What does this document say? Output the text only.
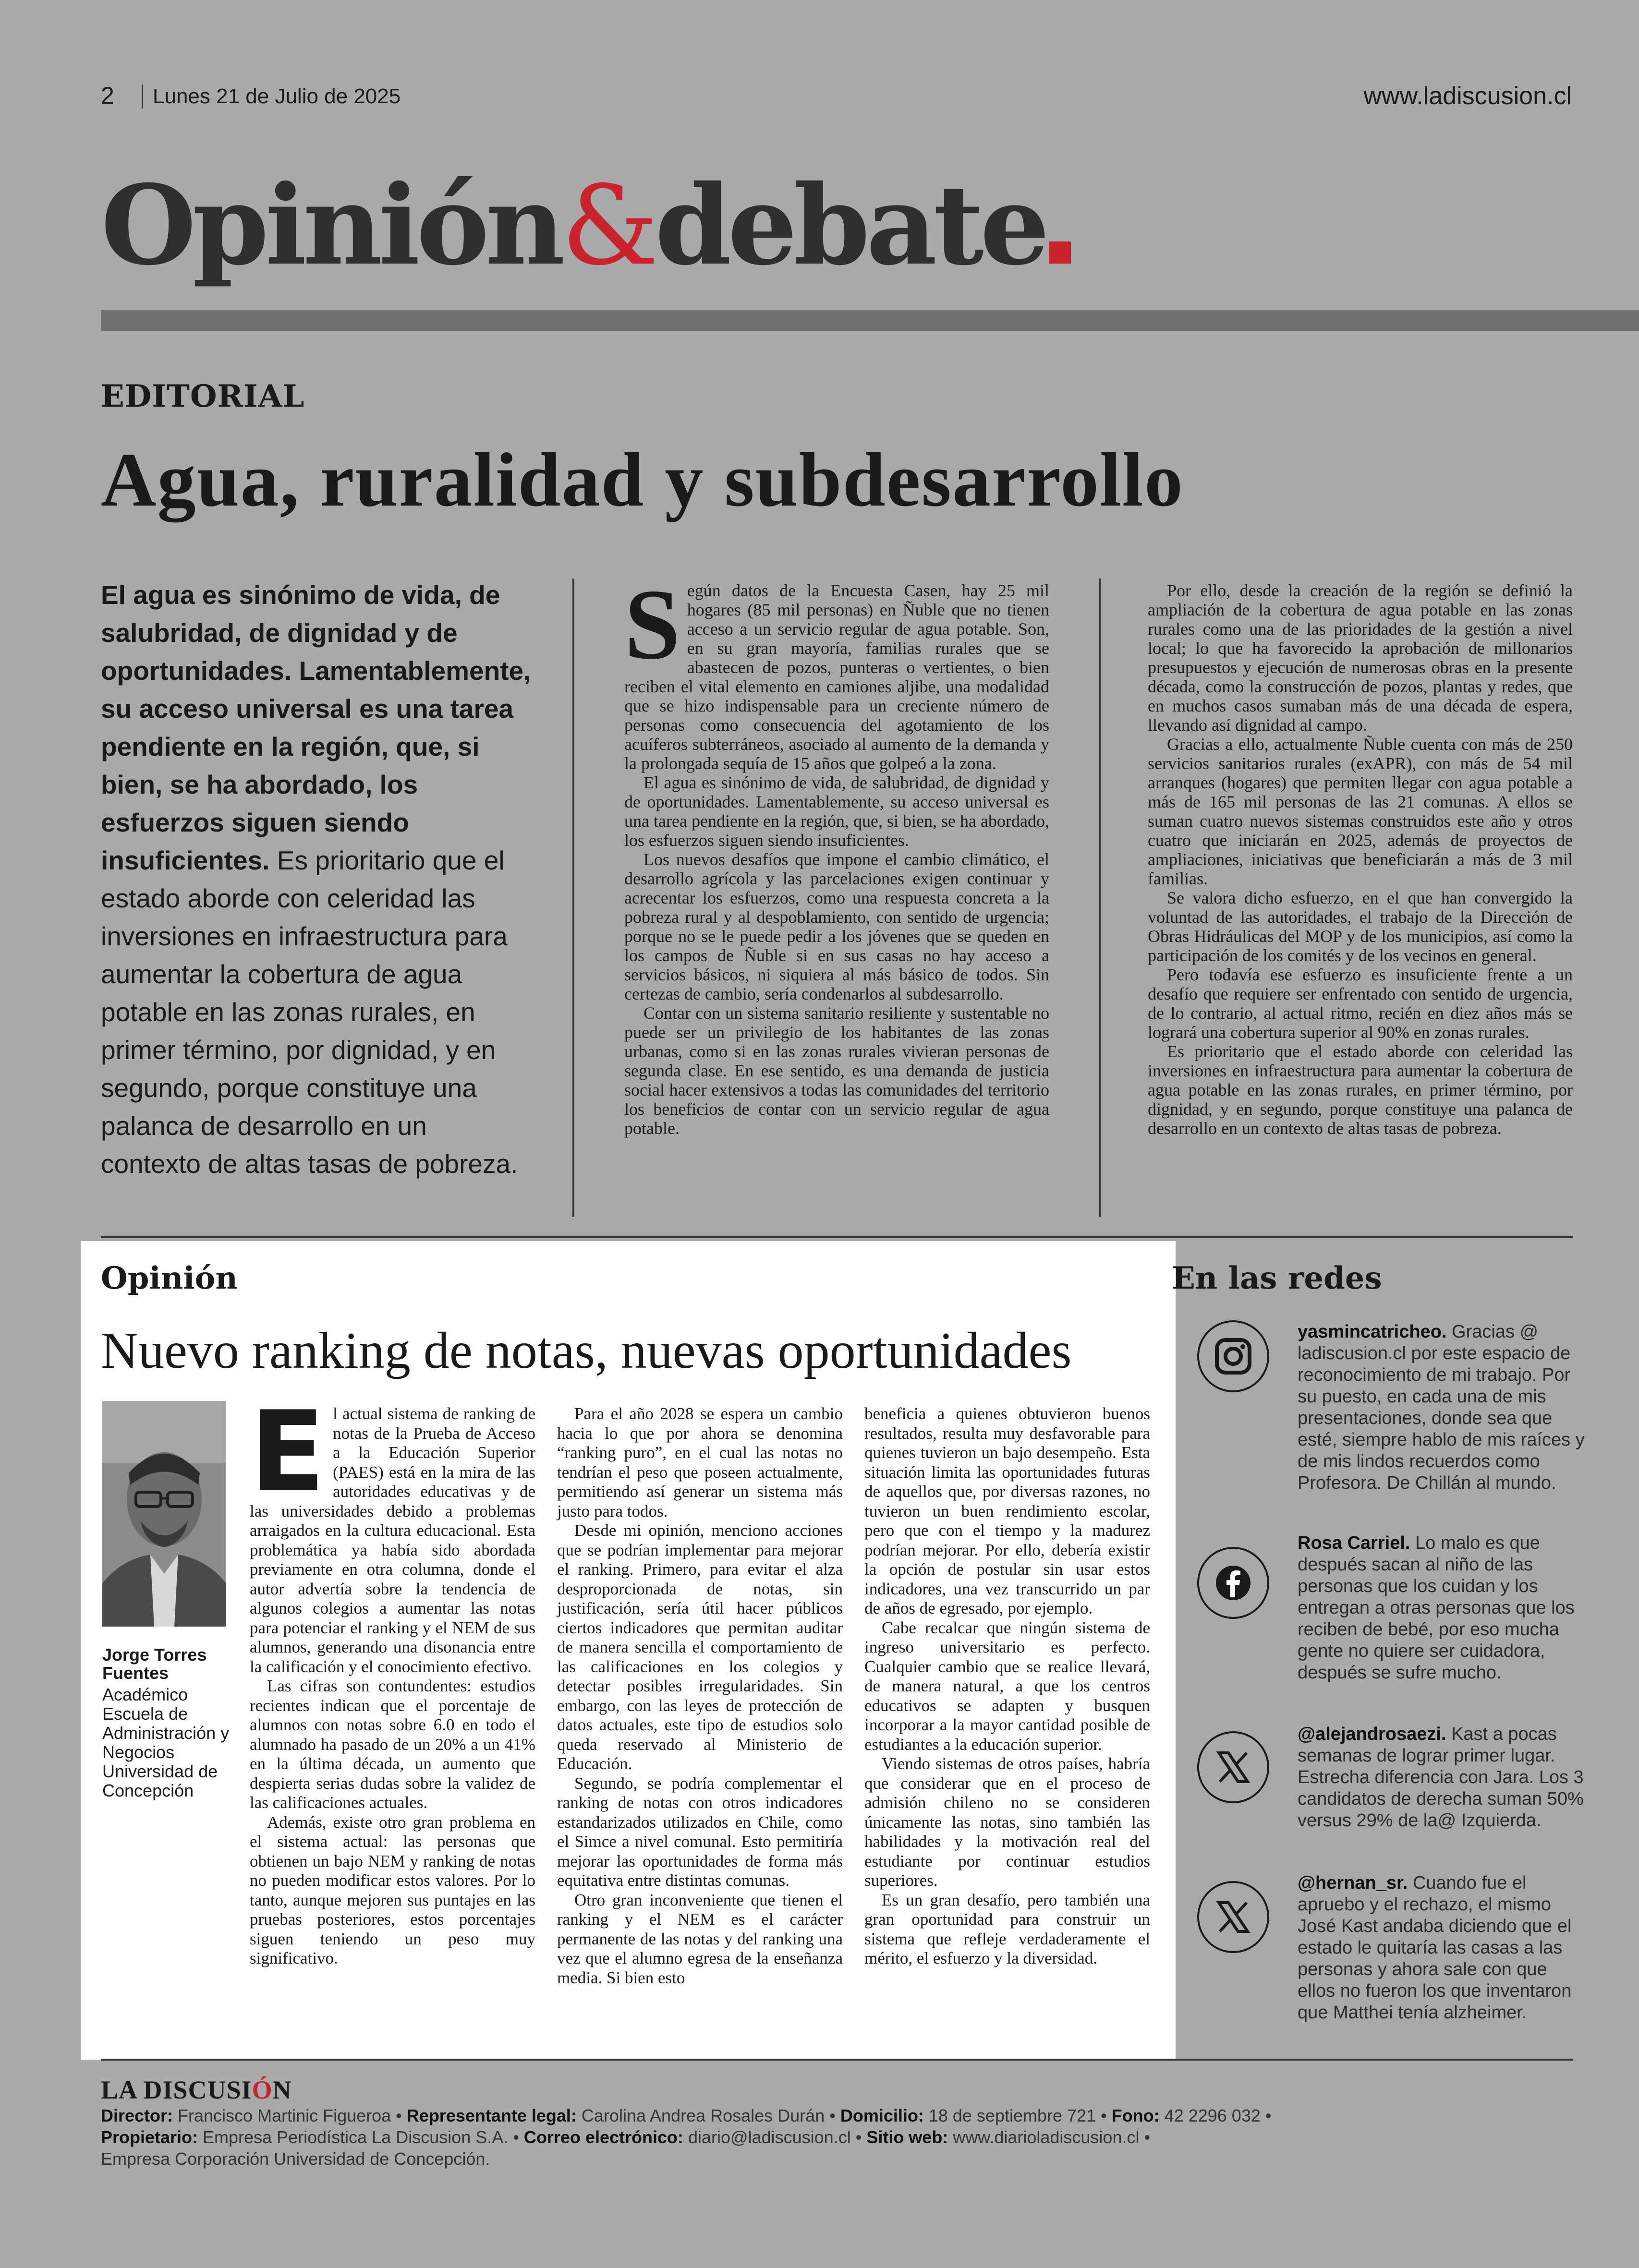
2 Lunes 21 de Julio de 2025	www.ladiscusion.cl
Opinión&debate
EDITORIAL
Agua, ruralidad y subdesarrollo
El agua es sinónimo de vida, de salubridad, de dignidad y de oportunidades. Lamentablemente, su acceso universal es una tarea pendiente en la región, que, si bien, se ha abordado, los esfuerzos siguen siendo insuficientes. Es prioritario que el estado aborde con celeridad las inversiones en infraestructura para aumentar la cobertura de agua potable en las zonas rurales, en primer término, por dignidad, y en segundo, porque constituye una palanca de desarrollo en un contexto de altas tasas de pobreza.

Según datos de la Encuesta Casen, hay 25 mil hogares (85 mil personas) en Ñuble que no tienen acceso a un servicio regular de agua potable. Son, en su gran mayoría, familias rurales que se abastecen de pozos, punteras o vertientes, o bien reciben el vital elemento en camiones aljibe, una modalidad que se hizo indispensable para un creciente número de personas como consecuencia del agotamiento de los acuíferos subterráneos, asociado al aumento de la demanda y la prolongada sequía de 15 años que golpeó a la zona.

El agua es sinónimo de vida, de salubridad, de dignidad y de oportunidades. Lamentablemente, su acceso universal es una tarea pendiente en la región, que, si bien, se ha abordado, los esfuerzos siguen siendo insuficientes.

Los nuevos desafíos que impone el cambio climático, el desarrollo agrícola y las parcelaciones exigen continuar y acrecentar los esfuerzos, como una respuesta concreta a la pobreza rural y al despoblamiento, con sentido de urgencia; porque no se le puede pedir a los jóvenes que se queden en los campos de Ñuble si en sus casas no hay acceso a servicios básicos, ni siquiera al más básico de todos. Sin certezas de cambio, sería condenarlos al subdesarrollo.

Contar con un sistema sanitario resiliente y sustentable no puede ser un privilegio de los habitantes de las zonas urbanas, como si en las zonas rurales vivieran personas de segunda clase. En ese sentido, es una demanda de justicia social hacer extensivos a todas las comunidades del territorio los beneficios de contar con un servicio regular de agua potable.

Por ello, desde la creación de la región se definió la ampliación de la cobertura de agua potable en las zonas rurales como una de las prioridades de la gestión a nivel local; lo que ha favorecido la aprobación de millonarios presupuestos y ejecución de numerosas obras en la presente década, como la construcción de pozos, plantas y redes, que en muchos casos sumaban más de una década de espera, llevando así dignidad al campo.

Gracias a ello, actualmente Ñuble cuenta con más de 250 servicios sanitarios rurales (exAPR), con más de 54 mil arranques (hogares) que permiten llegar con agua potable a más de 165 mil personas de las 21 comunas. A ellos se suman cuatro nuevos sistemas construidos este año y otros cuatro que iniciarán en 2025, además de proyectos de ampliaciones, iniciativas que beneficiarán a más de 3 mil familias.

Se valora dicho esfuerzo, en el que han convergido la voluntad de las autoridades, el trabajo de la Dirección de Obras Hidráulicas del MOP y de los municipios, así como la participación de los comités y de los vecinos en general.

Pero todavía ese esfuerzo es insuficiente frente a un desafío que requiere ser enfrentado con sentido de urgencia, de lo contrario, al actual ritmo, recién en diez años más se logrará una cobertura superior al 90% en zonas rurales.

Es prioritario que el estado aborde con celeridad las inversiones en infraestructura para aumentar la cobertura de agua potable en las zonas rurales, en primer término, por dignidad, y en segundo, porque constituye una palanca de desarrollo en un contexto de altas tasas de pobreza.

Opinión
Nuevo ranking de notas, nuevas oportunidades
Jorge Torres Fuentes
Académico Escuela de Administración y Negocios Universidad de Concepción

El actual sistema de ranking de notas de la Prueba de Acceso a la Educación Superior (PAES) está en la mira de las autoridades educativas y de las universidades debido a problemas arraigados en la cultura educacional. Esta problemática ya había sido abordada previamente en otra columna, donde el autor advertía sobre la tendencia de algunos colegios a aumentar las notas para potenciar el ranking y el NEM de sus alumnos, generando una disonancia entre la calificación y el conocimiento efectivo.

Las cifras son contundentes: estudios recientes indican que el porcentaje de alumnos con notas sobre 6.0 en todo el alumnado ha pasado de un 20% a un 41% en la última década, un aumento que despierta serias dudas sobre la validez de las calificaciones actuales.

Además, existe otro gran problema en el sistema actual: las personas que obtienen un bajo NEM y ranking de notas no pueden modificar estos valores. Por lo tanto, aunque mejoren sus puntajes en las pruebas posteriores, estos porcentajes siguen teniendo un peso muy significativo.

Para el año 2028 se espera un cambio hacia lo que por ahora se denomina “ranking puro”, en el cual las notas no tendrían el peso que poseen actualmente, permitiendo así generar un sistema más justo para todos.

Desde mi opinión, menciono acciones que se podrían implementar para mejorar el ranking. Primero, para evitar el alza desproporcionada de notas, sin justificación, sería útil hacer públicos ciertos indicadores que permitan auditar de manera sencilla el comportamiento de las calificaciones en los colegios y detectar posibles irregularidades. Sin embargo, con las leyes de protección de datos actuales, este tipo de estudios solo queda reservado al Ministerio de Educación.

Segundo, se podría complementar el ranking de notas con otros indicadores estandarizados utilizados en Chile, como el Simce a nivel comunal. Esto permitiría mejorar las oportunidades de forma más equitativa entre distintas comunas.

Otro gran inconveniente que tienen el ranking y el NEM es el carácter permanente de las notas y del ranking una vez que el alumno egresa de la enseñanza media. Si bien esto

beneficia a quienes obtuvieron buenos resultados, resulta muy desfavorable para quienes tuvieron un bajo desempeño. Esta situación limita las oportunidades futuras de aquellos que, por diversas razones, no tuvieron un buen rendimiento escolar, pero que con el tiempo y la madurez podrían mejorar. Por ello, debería existir la opción de postular sin usar estos indicadores, una vez transcurrido un par de años de egresado, por ejemplo.

Cabe recalcar que ningún sistema de ingreso universitario es perfecto. Cualquier cambio que se realice llevará, de manera natural, a que los centros educativos se adapten y busquen incorporar a la mayor cantidad posible de estudiantes a la educación superior.

Viendo sistemas de otros países, habría que considerar que en el proceso de admisión chileno no se consideren únicamente las notas, sino también las habilidades y la motivación real del estudiante por continuar estudios superiores.

Es un gran desafío, pero también una gran oportunidad para construir un sistema que refleje verdaderamente el mérito, el esfuerzo y la diversidad.

En las redes
yasmincatricheo. Gracias @ ladiscusion.cl por este espacio de reconocimiento de mi trabajo. Por su puesto, en cada una de mis presentaciones, donde sea que esté, siempre hablo de mis raíces y de mis lindos recuerdos como Profesora. De Chillán al mundo.
Rosa Carriel. Lo malo es que después sacan al niño de las personas que los cuidan y los entregan a otras personas que los reciben de bebé, por eso mucha gente no quiere ser cuidadora, después se sufre mucho.
@alejandrosaezi. Kast a pocas semanas de lograr primer lugar. Estrecha diferencia con Jara. Los 3 candidatos de derecha suman 50% versus 29% de la@ Izquierda.
@hernan_sr. Cuando fue el apruebo y el rechazo, el mismo José Kast andaba diciendo que el estado le quitaría las casas a las personas y ahora sale con que ellos no fueron los que inventaron que Matthei tenía alzheimer.
LA DISCUSIÓN
Director: Francisco Martinic Figueroa • Representante legal: Carolina Andrea Rosales Durán • Domicilio: 18 de septiembre 721 • Fono: 42 2296 032 •
Propietario: Empresa Periodística La Discusion S.A. • Correo electrónico: diario@ladiscusion.cl • Sitio web: www.diarioladiscusion.cl •
Empresa Corporación Universidad de Concepción.
